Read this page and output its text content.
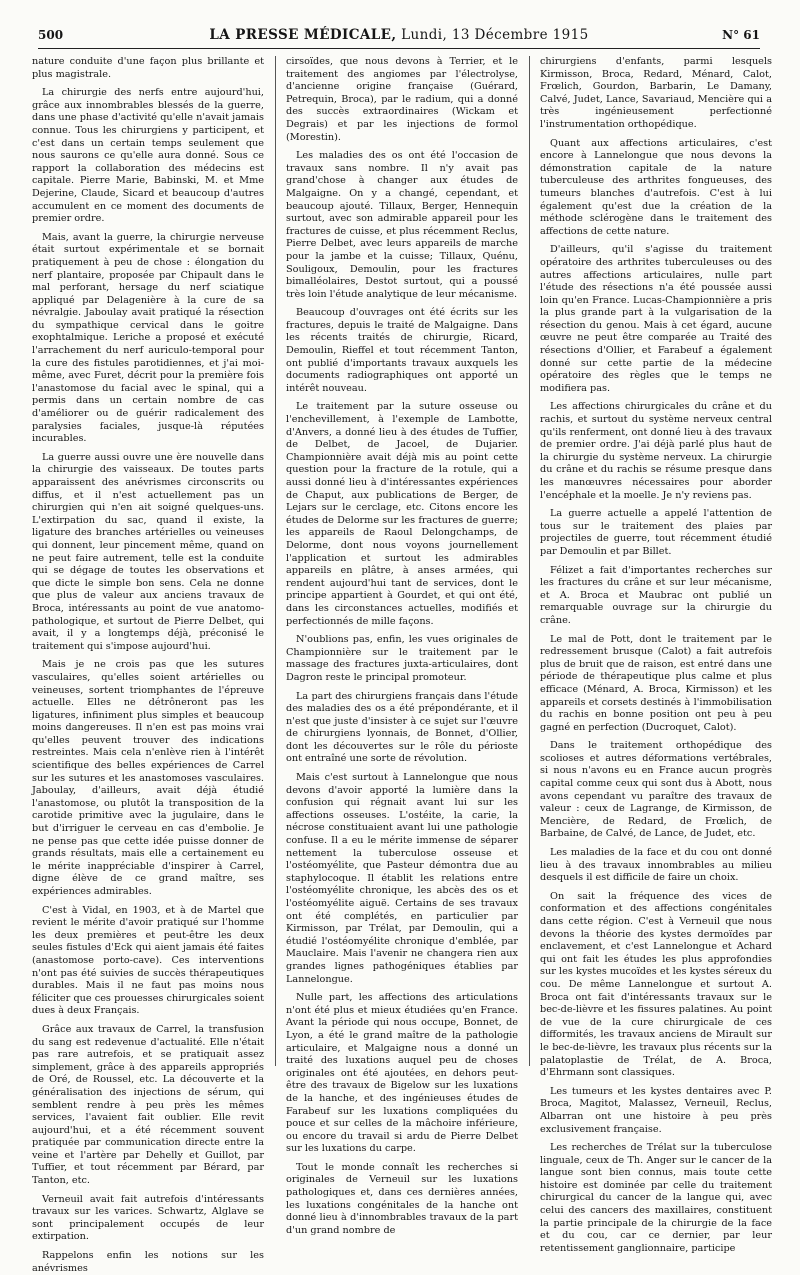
500	LA PRESSE MÉDICALE, Lundi, 13 Décembre 1915	N° 61

nature conduite d'une façon plus brillante et plus magistrale.

La chirurgie des nerfs entre aujourd'hui, grâce aux innombrables blessés de la guerre, dans une phase d'activité qu'elle n'avait jamais connue. Tous les chirurgiens y participent, et c'est dans un certain temps seulement que nous saurons ce qu'elle aura donné. Sous ce rapport la collaboration des médecins est capitale. Pierre Marie, Babinski, M. et Mme Dejerine, Claude, Sicard et beaucoup d'autres accumulent en ce moment des documents de premier ordre.

Mais, avant la guerre, la chirurgie nerveuse était surtout expérimentale et se bornait pratiquement à peu de chose : élongation du nerf plantaire, proposée par Chipault dans le mal perforant, hersage du nerf sciatique appliqué par Delagenière à la cure de sa névralgie. Jaboulay avait pratiqué la résection du sympathique cervical dans le goitre exophtalmique. Leriche a proposé et exécuté l'arrachement du nerf auriculo-temporal pour la cure des fistules parotidiennes, et j'ai moi-même, avec Furet, décrit pour la première fois l'anastomose du facial avec le spinal, qui a permis dans un certain nombre de cas d'améliorer ou de guérir radicalement des paralysies faciales, jusque-là réputées incurables.

La guerre aussi ouvre une ère nouvelle dans la chirurgie des vaisseaux. De toutes parts apparaissent des anévrismes circonscrits ou diffus, et il n'est actuellement pas un chirurgien qui n'en ait soigné quelques-uns. L'extirpation du sac, quand il existe, la ligature des branches artérielles ou veineuses qui donnent, leur pincement même, quand on ne peut faire autrement, telle est la conduite qui se dégage de toutes les observations et que dicte le simple bon sens. Cela ne donne que plus de valeur aux anciens travaux de Broca, intéressants au point de vue anatomo-pathologique, et surtout de Pierre Delbet, qui avait, il y a longtemps déjà, préconisé le traitement qui s'impose aujourd'hui.

Mais je ne crois pas que les sutures vasculaires, qu'elles soient artérielles ou veineuses, sortent triomphantes de l'épreuve actuelle. Elles ne détrôneront pas les ligatures, infiniment plus simples et beaucoup moins dangereuses. Il n'en est pas moins vrai qu'elles peuvent trouver des indications restreintes. Mais cela n'enlève rien à l'intérêt scientifique des belles expériences de Carrel sur les sutures et les anastomoses vasculaires. Jaboulay, d'ailleurs, avait déjà étudié l'anastomose, ou plutôt la transposition de la carotide primitive avec la jugulaire, dans le but d'irriguer le cerveau en cas d'embolie. Je ne pense pas que cette idée puisse donner de grands résultats, mais elle a certainement eu le mérite inappréciable d'inspirer à Carrel, digne élève de ce grand maître, ses expériences admirables.

C'est à Vidal, en 1903, et à de Martel que revient le mérite d'avoir pratiqué sur l'homme les deux premières et peut-être les deux seules fistules d'Eck qui aient jamais été faites (anastomose porto-cave). Ces interventions n'ont pas été suivies de succès thérapeutiques durables. Mais il ne faut pas moins nous féliciter que ces prouesses chirurgicales soient dues à deux Français.

Grâce aux travaux de Carrel, la transfusion du sang est redevenue d'actualité. Elle n'était pas rare autrefois, et se pratiquait assez simplement, grâce à des appareils appropriés de Oré, de Roussel, etc. La découverte et la généralisation des injections de sérum, qui semblent rendre à peu près les mêmes services, l'avaient fait oublier. Elle revit aujourd'hui, et a été récemment souvent pratiquée par communication directe entre la veine et l'artère par Dehelly et Guillot, par Tuffier, et tout récemment par Bérard, par Tanton, etc.

Verneuil avait fait autrefois d'intéressants travaux sur les varices. Schwartz, Alglave se sont principalement occupés de leur extirpation.

Rappelons enfin les notions sur les anévrismes

cirsoïdes, que nous devons à Terrier, et le traitement des angiomes par l'électrolyse, d'ancienne origine française (Guérard, Petrequin, Broca), par le radium, qui a donné des succès extraordinaires (Wickam et Degrais) et par les injections de formol (Morestin).

Les maladies des os ont été l'occasion de travaux sans nombre. Il n'y avait pas grand'chose à changer aux études de Malgaigne. On y a changé, cependant, et beaucoup ajouté. Tillaux, Berger, Hennequin surtout, avec son admirable appareil pour les fractures de cuisse, et plus récemment Reclus, Pierre Delbet, avec leurs appareils de marche pour la jambe et la cuisse; Tillaux, Quénu, Souligoux, Demoulin, pour les fractures bimalléolaires, Destot surtout, qui a poussé très loin l'étude analytique de leur mécanisme.

Beaucoup d'ouvrages ont été écrits sur les fractures, depuis le traité de Malgaigne. Dans les récents traités de chirurgie, Ricard, Demoulin, Rieffel et tout récemment Tanton, ont publié d'importants travaux auxquels les documents radiographiques ont apporté un intérêt nouveau.

Le traitement par la suture osseuse ou l'enchevillement, à l'exemple de Lambotte, d'Anvers, a donné lieu à des études de Tuffier, de Delbet, de Jacoel, de Dujarier. Championnière avait déjà mis au point cette question pour la fracture de la rotule, qui a aussi donné lieu à d'intéressantes expériences de Chaput, aux publications de Berger, de Lejars sur le cerclage, etc. Citons encore les études de Delorme sur les fractures de guerre; les appareils de Raoul Delongchamps, de Delorme, dont nous voyons journellement l'application et surtout les admirables appareils en plâtre, à anses armées, qui rendent aujourd'hui tant de services, dont le principe appartient à Gourdet, et qui ont été, dans les circonstances actuelles, modifiés et perfectionnés de mille façons.

N'oublions pas, enfin, les vues originales de Championnière sur le traitement par le massage des fractures juxta-articulaires, dont Dagron reste le principal promoteur.

La part des chirurgiens français dans l'étude des maladies des os a été prépondérante, et il n'est que juste d'insister à ce sujet sur l'œuvre de chirurgiens lyonnais, de Bonnet, d'Ollier, dont les découvertes sur le rôle du périoste ont entraîné une sorte de révolution.

Mais c'est surtout à Lannelongue que nous devons d'avoir apporté la lumière dans la confusion qui régnait avant lui sur les affections osseuses. L'ostéite, la carie, la nécrose constituaient avant lui une pathologie confuse. Il a eu le mérite immense de séparer nettement la tuberculose osseuse et l'ostéomyélite, que Pasteur démontra due au staphylocoque. Il établit les relations entre l'ostéomyélite chronique, les abcès des os et l'ostéomyélite aiguë. Certains de ses travaux ont été complétés, en particulier par Kirmisson, par Trélat, par Demoulin, qui a étudié l'ostéomyélite chronique d'emblée, par Mauclaire. Mais l'avenir ne changera rien aux grandes lignes pathogéniques établies par Lannelongue.

Nulle part, les affections des articulations n'ont été plus et mieux étudiées qu'en France. Avant la période qui nous occupe, Bonnet, de Lyon, a été le grand maître de la pathologie articulaire, et Malgaigne nous a donné un traité des luxations auquel peu de choses originales ont été ajoutées, en dehors peut-être des travaux de Bigelow sur les luxations de la hanche, et des ingénieuses études de Farabeuf sur les luxations compliquées du pouce et sur celles de la mâchoire inférieure, ou encore du travail si ardu de Pierre Delbet sur les luxations du carpe.

Tout le monde connaît les recherches si originales de Verneuil sur les luxations pathologiques et, dans ces dernières années, les luxations congénitales de la hanche ont donné lieu à d'innombrables travaux de la part d'un grand nombre de

chirurgiens d'enfants, parmi lesquels Kirmisson, Broca, Redard, Ménard, Calot, Frœlich, Gourdon, Barbarin, Le Damany, Calvé, Judet, Lance, Savariaud, Mencière qui a très ingénieusement perfectionné l'instrumentation orthopédique.

Quant aux affections articulaires, c'est encore à Lannelongue que nous devons la démonstration capitale de la nature tuberculeuse des arthrites fongueuses, des tumeurs blanches d'autrefois. C'est à lui également qu'est due la création de la méthode sclérogène dans le traitement des affections de cette nature.

D'ailleurs, qu'il s'agisse du traitement opératoire des arthrites tuberculeuses ou des autres affections articulaires, nulle part l'étude des résections n'a été poussée aussi loin qu'en France. Lucas-Championnière a pris la plus grande part à la vulgarisation de la résection du genou. Mais à cet égard, aucune œuvre ne peut être comparée au Traité des résections d'Ollier, et Farabeuf a également donné sur cette partie de la médecine opératoire des règles que le temps ne modifiera pas.

Les affections chirurgicales du crâne et du rachis, et surtout du système nerveux central qu'ils renferment, ont donné lieu à des travaux de premier ordre. J'ai déjà parlé plus haut de la chirurgie du système nerveux. La chirurgie du crâne et du rachis se résume presque dans les manœuvres nécessaires pour aborder l'encéphale et la moelle. Je n'y reviens pas.

La guerre actuelle a appelé l'attention de tous sur le traitement des plaies par projectiles de guerre, tout récemment étudié par Demoulin et par Billet.

Félizet a fait d'importantes recherches sur les fractures du crâne et sur leur mécanisme, et A. Broca et Maubrac ont publié un remarquable ouvrage sur la chirurgie du crâne.

Le mal de Pott, dont le traitement par le redressement brusque (Calot) a fait autrefois plus de bruit que de raison, est entré dans une période de thérapeutique plus calme et plus efficace (Ménard, A. Broca, Kirmisson) et les appareils et corsets destinés à l'immobilisation du rachis en bonne position ont peu à peu gagné en perfection (Ducroquet, Calot).

Dans le traitement orthopédique des scolioses et autres déformations vertébrales, si nous n'avons eu en France aucun progrès capital comme ceux qui sont dus à Abott, nous avons cependant vu paraître des travaux de valeur : ceux de Lagrange, de Kirmisson, de Mencière, de Redard, de Frœlich, de Barbaine, de Calvé, de Lance, de Judet, etc.

Les maladies de la face et du cou ont donné lieu à des travaux innombrables au milieu desquels il est difficile de faire un choix.

On sait la fréquence des vices de conformation et des affections congénitales dans cette région. C'est à Verneuil que nous devons la théorie des kystes dermoïdes par enclavement, et c'est Lannelongue et Achard qui ont fait les études les plus approfondies sur les kystes mucoïdes et les kystes séreux du cou. De même Lannelongue et surtout A. Broca ont fait d'intéressants travaux sur le bec-de-lièvre et les fissures palatines. Au point de vue de la cure chirurgicale de ces difformités, les travaux anciens de Mirault sur le bec-de-lièvre, les travaux plus récents sur la palatoplastie de Trélat, de A. Broca, d'Ehrmann sont classiques.

Les tumeurs et les kystes dentaires avec P. Broca, Magitot, Malassez, Verneuil, Reclus, Albarran ont une histoire à peu près exclusivement française.

Les recherches de Trélat sur la tuberculose linguale, ceux de Th. Anger sur le cancer de la langue sont bien connus, mais toute cette histoire est dominée par celle du traitement chirurgical du cancer de la langue qui, avec celui des cancers des maxillaires, constituent la partie principale de la chirurgie de la face et du cou, car ce dernier, par leur retentissement ganglionnaire, participe
